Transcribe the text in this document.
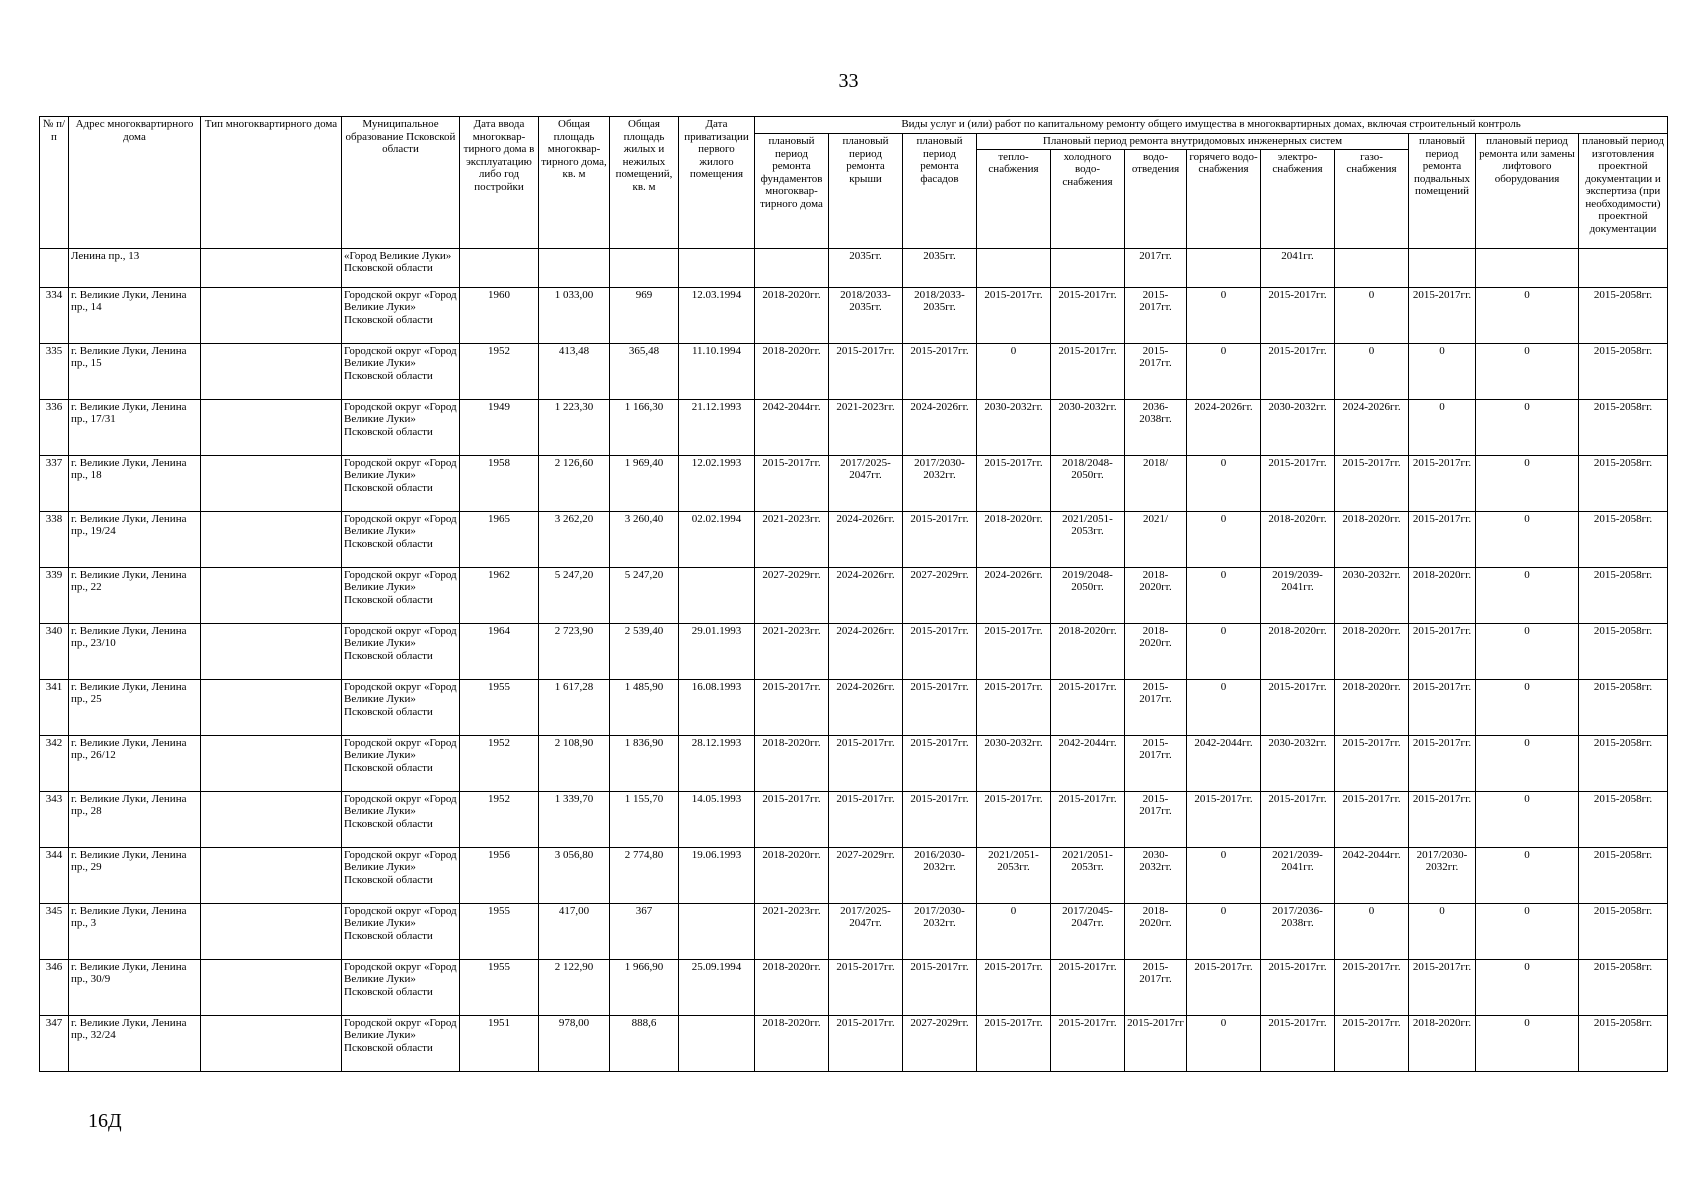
33
№ п/п	Адрес многоквартирного дома	Тип многоквартирного дома	Муниципальное образование Псковской области	Дата ввода многоквар-тирного дома в эксплуатацию либо год постройки	Общая площадь многоквар-тирного дома, кв. м	Общая площадь жилых и нежилых помещений, кв. м	Дата приватизации первого жилого помещения	Виды услуг и (или) работ по капитальному ремонту общего имущества в многоквартирных домах, включая строительный контроль											
								плановый период ремонта фундаментов многоквар-тирного дома	плановый период ремонта крыши	плановый период ремонта фасадов	Плановый период ремонта внутридомовых инженерных систем						плановый период ремонта подвальных помещений	плановый период ремонта или замены лифтового оборудования	плановый период изготовления проектной документации и экспертиза (при необходимости) проектной документации
											тепло-снабжения	холодного водо-снабжения	водо-отведения	горячего водо-снабжения	электро-снабжения	газо-снабжения			
	Ленина пр., 13		«Город Великие Луки» Псковской области						2035гг.	2035гг.			2017гг.		2041гг.				
334	г. Великие Луки, Ленина пр., 14		Городской округ «Город Великие Луки» Псковской области	1960	1 033,00	969	12.03.1994	2018-2020гг.	2018/2033-2035гг.	2018/2033-2035гг.	2015-2017гг.	2015-2017гг.	2015-2017гг.	0	2015-2017гг.	0	2015-2017гг.	0	2015-2058гг.
335	г. Великие Луки, Ленина пр., 15		Городской округ «Город Великие Луки» Псковской области	1952	413,48	365,48	11.10.1994	2018-2020гг.	2015-2017гг.	2015-2017гг.	0	2015-2017гг.	2015-2017гг.	0	2015-2017гг.	0	0	0	2015-2058гг.
336	г. Великие Луки, Ленина пр., 17/31		Городской округ «Город Великие Луки» Псковской области	1949	1 223,30	1 166,30	21.12.1993	2042-2044гг.	2021-2023гг.	2024-2026гг.	2030-2032гг.	2030-2032гг.	2036-2038гг.	2024-2026гг.	2030-2032гг.	2024-2026гг.	0	0	2015-2058гг.
337	г. Великие Луки, Ленина пр., 18		Городской округ «Город Великие Луки» Псковской области	1958	2 126,60	1 969,40	12.02.1993	2015-2017гг.	2017/2025-2047гг.	2017/2030-2032гг.	2015-2017гг.	2018/2048-2050гг.	2018/	0	2015-2017гг.	2015-2017гг.	2015-2017гг.	0	2015-2058гг.
338	г. Великие Луки, Ленина пр., 19/24		Городской округ «Город Великие Луки» Псковской области	1965	3 262,20	3 260,40	02.02.1994	2021-2023гг.	2024-2026гг.	2015-2017гг.	2018-2020гг.	2021/2051-2053гг.	2021/	0	2018-2020гг.	2018-2020гг.	2015-2017гг.	0	2015-2058гг.
339	г. Великие Луки, Ленина пр., 22		Городской округ «Город Великие Луки» Псковской области	1962	5 247,20	5 247,20		2027-2029гг.	2024-2026гг.	2027-2029гг.	2024-2026гг.	2019/2048-2050гг.	2018-2020гг.	0	2019/2039-2041гг.	2030-2032гг.	2018-2020гг.	0	2015-2058гг.
340	г. Великие Луки, Ленина пр., 23/10		Городской округ «Город Великие Луки» Псковской области	1964	2 723,90	2 539,40	29.01.1993	2021-2023гг.	2024-2026гг.	2015-2017гг.	2015-2017гг.	2018-2020гг.	2018-2020гг.	0	2018-2020гг.	2018-2020гг.	2015-2017гг.	0	2015-2058гг.
341	г. Великие Луки, Ленина пр., 25		Городской округ «Город Великие Луки» Псковской области	1955	1 617,28	1 485,90	16.08.1993	2015-2017гг.	2024-2026гг.	2015-2017гг.	2015-2017гг.	2015-2017гг.	2015-2017гг.	0	2015-2017гг.	2018-2020гг.	2015-2017гг.	0	2015-2058гг.
342	г. Великие Луки, Ленина пр., 26/12		Городской округ «Город Великие Луки» Псковской области	1952	2 108,90	1 836,90	28.12.1993	2018-2020гг.	2015-2017гг.	2015-2017гг.	2030-2032гг.	2042-2044гг.	2015-2017гг.	2042-2044гг.	2030-2032гг.	2015-2017гг.	2015-2017гг.	0	2015-2058гг.
343	г. Великие Луки, Ленина пр., 28		Городской округ «Город Великие Луки» Псковской области	1952	1 339,70	1 155,70	14.05.1993	2015-2017гг.	2015-2017гг.	2015-2017гг.	2015-2017гг.	2015-2017гг.	2015-2017гг.	2015-2017гг.	2015-2017гг.	2015-2017гг.	2015-2017гг.	0	2015-2058гг.
344	г. Великие Луки, Ленина пр., 29		Городской округ «Город Великие Луки» Псковской области	1956	3 056,80	2 774,80	19.06.1993	2018-2020гг.	2027-2029гг.	2016/2030-2032гг.	2021/2051-2053гг.	2021/2051-2053гг.	2030-2032гг.	0	2021/2039-2041гг.	2042-2044гг.	2017/2030-2032гг.	0	2015-2058гг.
345	г. Великие Луки, Ленина пр., 3		Городской округ «Город Великие Луки» Псковской области	1955	417,00	367		2021-2023гг.	2017/2025-2047гг.	2017/2030-2032гг.	0	2017/2045-2047гг.	2018-2020гг.	0	2017/2036-2038гг.	0	0	0	2015-2058гг.
346	г. Великие Луки, Ленина пр., 30/9		Городской округ «Город Великие Луки» Псковской области	1955	2 122,90	1 966,90	25.09.1994	2018-2020гг.	2015-2017гг.	2015-2017гг.	2015-2017гг.	2015-2017гг.	2015-2017гг.	2015-2017гг.	2015-2017гг.	2015-2017гг.	2015-2017гг.	0	2015-2058гг.
347	г. Великие Луки, Ленина пр., 32/24		Городской округ «Город Великие Луки» Псковской области	1951	978,00	888,6		2018-2020гг.	2015-2017гг.	2027-2029гг.	2015-2017гг.	2015-2017гг.	2015-2017гг	0	2015-2017гг.	2015-2017гг.	2018-2020гг.	0	2015-2058гг.
16Д
